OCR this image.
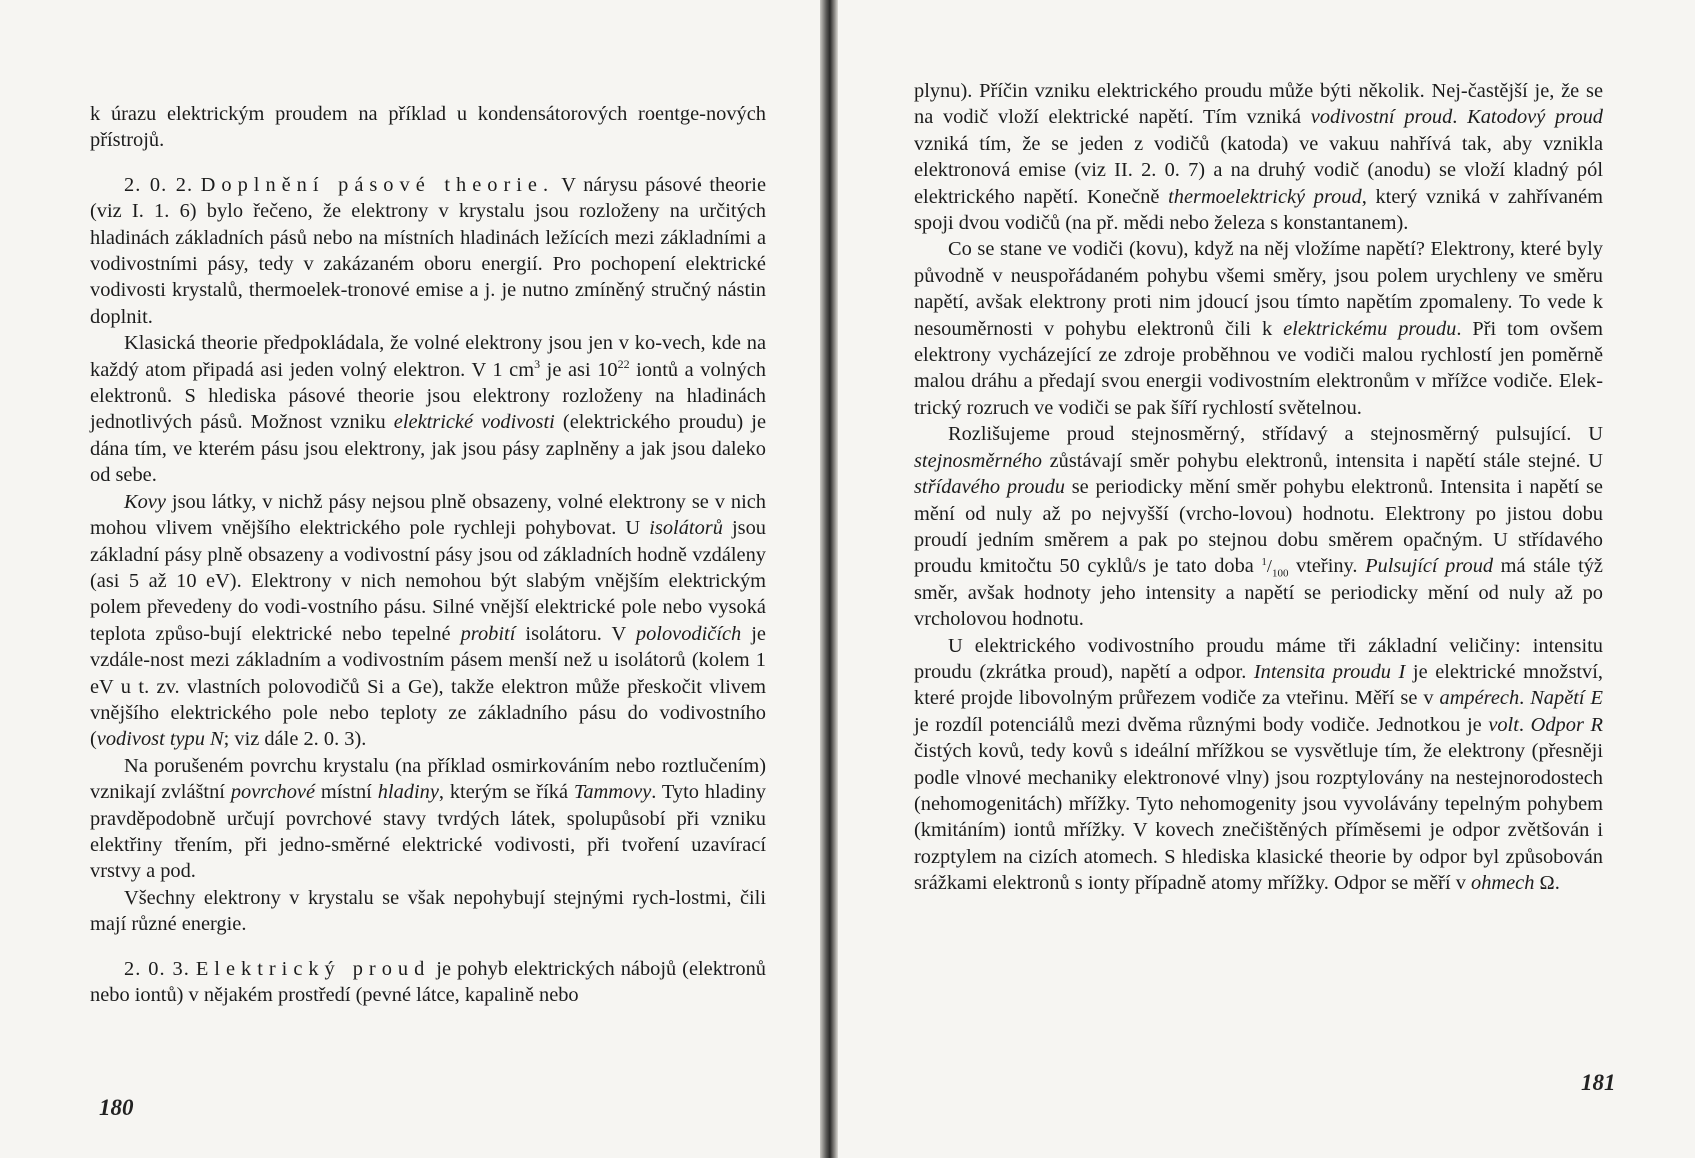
k úrazu elektrickým proudem na příklad u kondensátorových roentge-nových přístrojů.

2. 0. 2. Doplnění pásové theorie. V nárysu pásové theorie (viz I. 1. 6) bylo řečeno, že elektrony v krystalu jsou rozloženy na určitých hladinách základních pásů nebo na místních hladinách ležících mezi základními a vodivostními pásy, tedy v zakázaném oboru energií. Pro pochopení elektrické vodivosti krystalů, thermoelek-tronové emise a j. je nutno zmíněný stručný nástin doplnit.

Klasická theorie předpokládala, že volné elektrony jsou jen v ko-vech, kde na každý atom připadá asi jeden volný elektron. V 1 $cm^3$ je asi $10^{22}$ iontů a volných elektronů. S hlediska pásové theorie jsou elektrony rozloženy na hladinách jednotlivých pásů. Možnost vzniku elektrické vodivosti (elektrického proudu) je dána tím, ve kterém pásu jsou elektrony, jak jsou pásy zaplněny a jak jsou daleko od sebe.

Kovy jsou látky, v nichž pásy nejsou plně obsazeny, volné elektrony se v nich mohou vlivem vnějšího elektrického pole rychleji pohybovat. U isolátorů jsou základní pásy plně obsazeny a vodivostní pásy jsou od základních hodně vzdáleny (asi 5 až 10 eV). Elektrony v nich nemohou být slabým vnějším elektrickým polem převedeny do vodi-vostního pásu. Silné vnější elektrické pole nebo vysoká teplota způso-bují elektrické nebo tepelné probití isolátoru. V polovodičích je vzdále-nost mezi základním a vodivostním pásem menší než u isolátorů (kolem 1 eV u t. zv. vlastních polovodičů Si a Ge), takže elektron může přeskočit vlivem vnějšího elektrického pole nebo teploty ze základního pásu do vodivostního (vodivost typu N; viz dále 2. 0. 3).

Na porušeném povrchu krystalu (na příklad osmirkováním nebo roztlučením) vznikají zvláštní povrchové místní hladiny, kterým se říká Tammovy. Tyto hladiny pravděpodobně určují povrchové stavy tvrdých látek, spolupůsobí při vzniku elektřiny třením, při jedno-směrné elektrické vodivosti, při tvoření uzavírací vrstvy a pod.

Všechny elektrony v krystalu se však nepohybují stejnými rych-lostmi, čili mají různé energie.

2. 0. 3. Elektrický proud je pohyb elektrických nábojů (elektronů nebo iontů) v nějakém prostředí (pevné látce, kapalině nebo

180

plynu). Příčin vzniku elektrického proudu může býti několik. Nej-častější je, že se na vodič vloží elektrické napětí. Tím vzniká vodivostní proud. Katodový proud vzniká tím, že se jeden z vodičů (katoda) ve vakuu nahřívá tak, aby vznikla elektronová emise (viz II. 2. 0. 7) a na druhý vodič (anodu) se vloží kladný pól elektrického napětí. Konečně thermoelektrický proud, který vzniká v zahřívaném spoji dvou vodičů (na př. mědi nebo železa s konstantanem).

Co se stane ve vodiči (kovu), když na něj vložíme napětí? Elektrony, které byly původně v neuspořádaném pohybu všemi směry, jsou polem urychleny ve směru napětí, avšak elektrony proti nim jdoucí jsou tímto napětím zpomaleny. To vede k nesouměrnosti v pohybu elektronů čili k elektrickému proudu. Při tom ovšem elektrony vycházející ze zdroje proběhnou ve vodiči malou rychlostí jen poměrně malou dráhu a předají svou energii vodivostním elektronům v mřížce vodiče. Elek-trický rozruch ve vodiči se pak šíří rychlostí světelnou.

Rozlišujeme proud stejnosměrný, střídavý a stejnosměrný pulsující. U stejnosměrného zůstávají směr pohybu elektronů, intensita i napětí stále stejné. U střídavého proudu se periodicky mění směr pohybu elektronů. Intensita i napětí se mění od nuly až po nejvyšší (vrcho-lovou) hodnotu. Elektrony po jistou dobu proudí jedním směrem a pak po stejnou dobu směrem opačným. U střídavého proudu kmitočtu 50 cyklů/s je tato doba $^1/_{100}$ vteřiny. Pulsující proud má stále týž směr, avšak hodnoty jeho intensity a napětí se periodicky mění od nuly až po vrcholovou hodnotu.

U elektrického vodivostního proudu máme tři základní veličiny: intensitu proudu (zkrátka proud), napětí a odpor. Intensita proudu I je elektrické množství, které projde libovolným průřezem vodiče za vteřinu. Měří se v ampérech. Napětí E je rozdíl potenciálů mezi dvěma různými body vodiče. Jednotkou je volt. Odpor R čistých kovů, tedy kovů s ideální mřížkou se vysvětluje tím, že elektrony (přesněji podle vlnové mechaniky elektronové vlny) jsou rozptylovány na nestejnorodostech (nehomogenitách) mřížky. Tyto nehomogenity jsou vyvolávány tepelným pohybem (kmitáním) iontů mřížky. V kovech znečištěných příměsemi je odpor zvětšován i rozptylem na cizích atomech. S hlediska klasické theorie by odpor byl způsobován srážkami elektronů s ionty případně atomy mřížky. Odpor se měří v ohmech Ω.

181
